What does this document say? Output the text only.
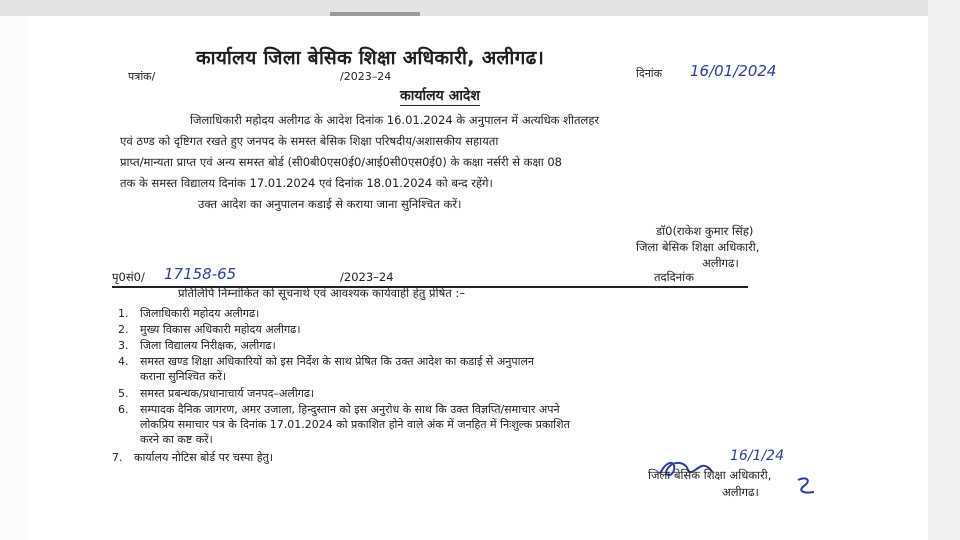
कार्यालय जिला बेसिक शिक्षा अधिकारी, अलीगढ।
पत्रांक/	/2023–24	दिनांक 16/01/2024
कार्यालय आदेश
जिलाधिकारी महोदय अलीगढ के आदेश दिनांक 16.01.2024 के अनुपालन में अत्यधिक शीतलहर
एवं ठण्ड को दृष्टिगत रखते हुए जनपद के समस्त बेसिक शिक्षा परिषदीय/अशासकीय सहायता
प्राप्त/मान्यता प्राप्त एवं अन्य समस्त बोर्ड (सी0बी0एस0ई0/आई0सी0एस0ई0) के कक्षा नर्सरी से कक्षा 08
तक के समस्त विद्यालय दिनांक 17.01.2024 एवं दिनांक 18.01.2024 को बन्द रहेंगे।
उक्त आदेश का अनुपालन कडाई से कराया जाना सुनिश्चित करें।
डॉ0(राकेश कुमार सिंह)
जिला बेसिक शिक्षा अधिकारी,
अलीगढ।
पृ0सं0/ 17158-65	/2023–24	तददिनांक
प्रतिलिपि निम्नांकित को सूचनार्थ एवं आवश्यक कार्यवाही हेतु प्रेषित :–
1. जिलाधिकारी महोदय अलीगढ।
2. मुख्य विकास अधिकारी महोदय अलीगढ।
3. जिला विद्यालय निरीक्षक, अलीगढ।
4. समस्त खण्ड शिक्षा अधिकारियों को इस निर्देश के साथ प्रेषित कि उक्त आदेश का कडाई से अनुपालन
कराना सुनिश्चित करें।
5. समस्त प्रबन्धक/प्रधानाचार्य जनपद–अलीगढ।
6. सम्पादक दैनिक जागरण, अमर उजाला, हिन्दुस्तान को इस अनुरोध के साथ कि उक्त विज्ञप्ति/समाचार अपने
लोकप्रिय समाचार पत्र के दिनांक 17.01.2024 को प्रकाशित होने वाले अंक में जनहित में निःशुल्क प्रकाशित
करने का कष्ट करें।
7. कार्यालय नोटिस बोर्ड पर चस्पा हेतु।	16/1/24
जिला बेसिक शिक्षा अधिकारी,
अलीगढ।
